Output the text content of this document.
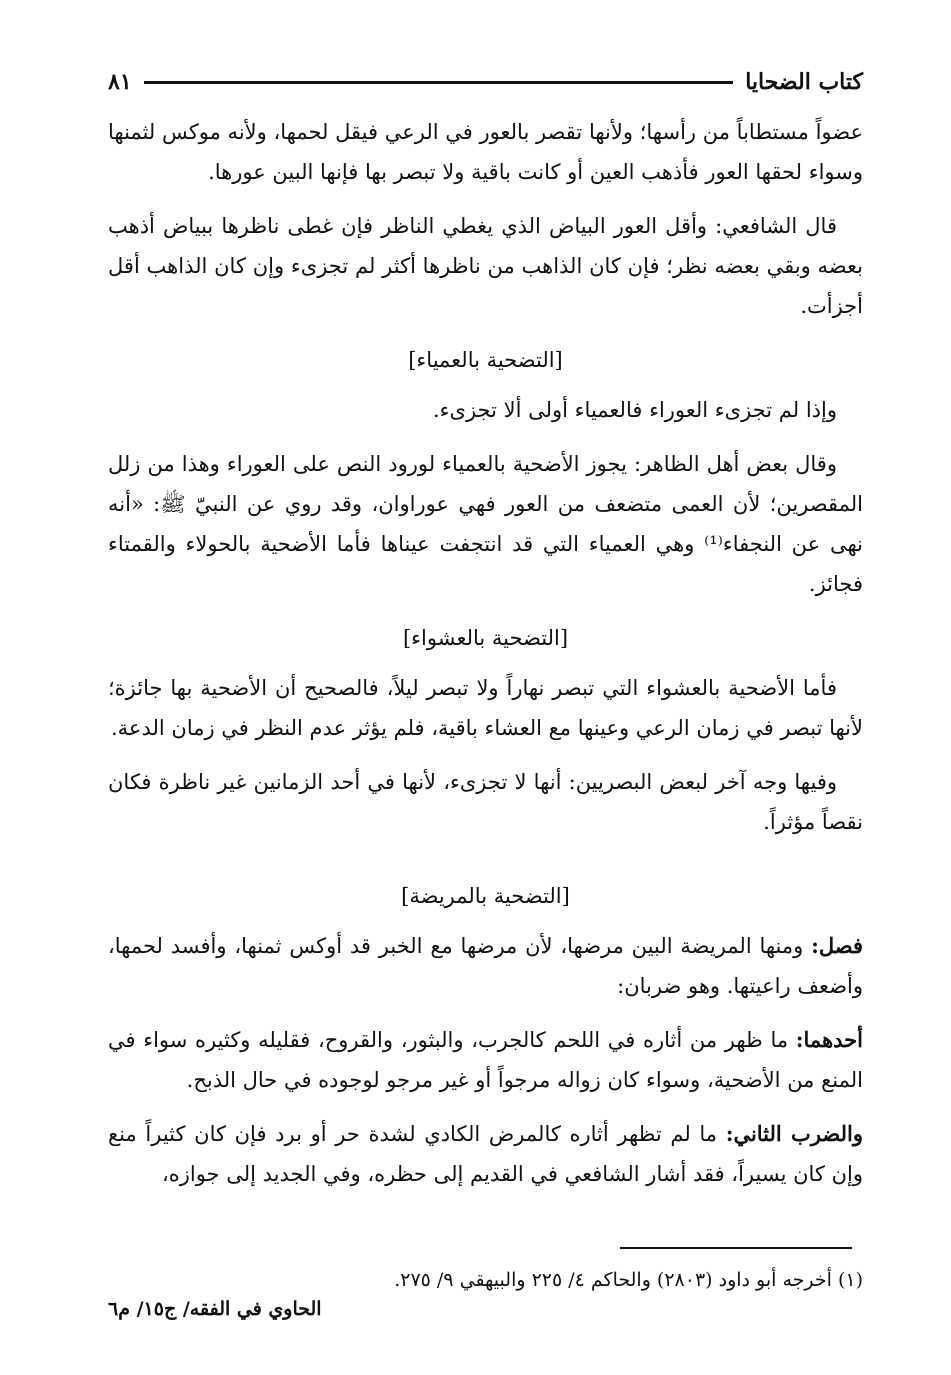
كتاب الضحايا
٨١

عضواً مستطاباً من رأسها؛ ولأنها تقصر بالعور في الرعي فيقل لحمها، ولأنه موكس لثمنها وسواء لحقها العور فأذهب العين أو كانت باقية ولا تبصر بها فإنها البين عورها.

قال الشافعي: وأقل العور البياض الذي يغطي الناظر فإن غطى ناظرها ببياض أذهب بعضه وبقي بعضه نظر؛ فإن كان الذاهب من ناظرها أكثر لم تجزىء وإن كان الذاهب أقل أجزأت.

[التضحية بالعمياء]

وإذا لم تجزىء العوراء فالعمياء أولى ألا تجزىء.

وقال بعض أهل الظاهر: يجوز الأضحية بالعمياء لورود النص على العوراء وهذا من زلل المقصرين؛ لأن العمى متضعف من العور فهي عوراوان، وقد روي عن النبيّ ﷺ: «أنه نهى عن النجفاء⁽¹⁾ وهي العمياء التي قد انتجفت عيناها فأما الأضحية بالحولاء والقمتاء فجائز.

[التضحية بالعشواء]

فأما الأضحية بالعشواء التي تبصر نهاراً ولا تبصر ليلاً، فالصحيح أن الأضحية بها جائزة؛ لأنها تبصر في زمان الرعي وعينها مع العشاء باقية، فلم يؤثر عدم النظر في زمان الدعة.

وفيها وجه آخر لبعض البصريين: أنها لا تجزىء، لأنها في أحد الزمانين غير ناظرة فكان نقصاً مؤثراً.

[التضحية بالمريضة]

فصل: ومنها المريضة البين مرضها، لأن مرضها مع الخبر قد أوكس ثمنها، وأفسد لحمها، وأضعف راعيتها. وهو ضربان:

أحدهما: ما ظهر من أثاره في اللحم كالجرب، والبثور، والقروح، فقليله وكثيره سواء في المنع من الأضحية، وسواء كان زواله مرجواً أو غير مرجو لوجوده في حال الذبح.

والضرب الثاني: ما لم تظهر أثاره كالمرض الكادي لشدة حر أو برد فإن كان كثيراً منع وإن كان يسيراً، فقد أشار الشافعي في القديم إلى حظره، وفي الجديد إلى جوازه،

(١) أخرجه أبو داود (٢٨٠٣) والحاكم ٤/ ٢٢٥ والبيهقي ٩/ ٢٧٥.
الحاوي في الفقه/ ج١٥/ م٦
